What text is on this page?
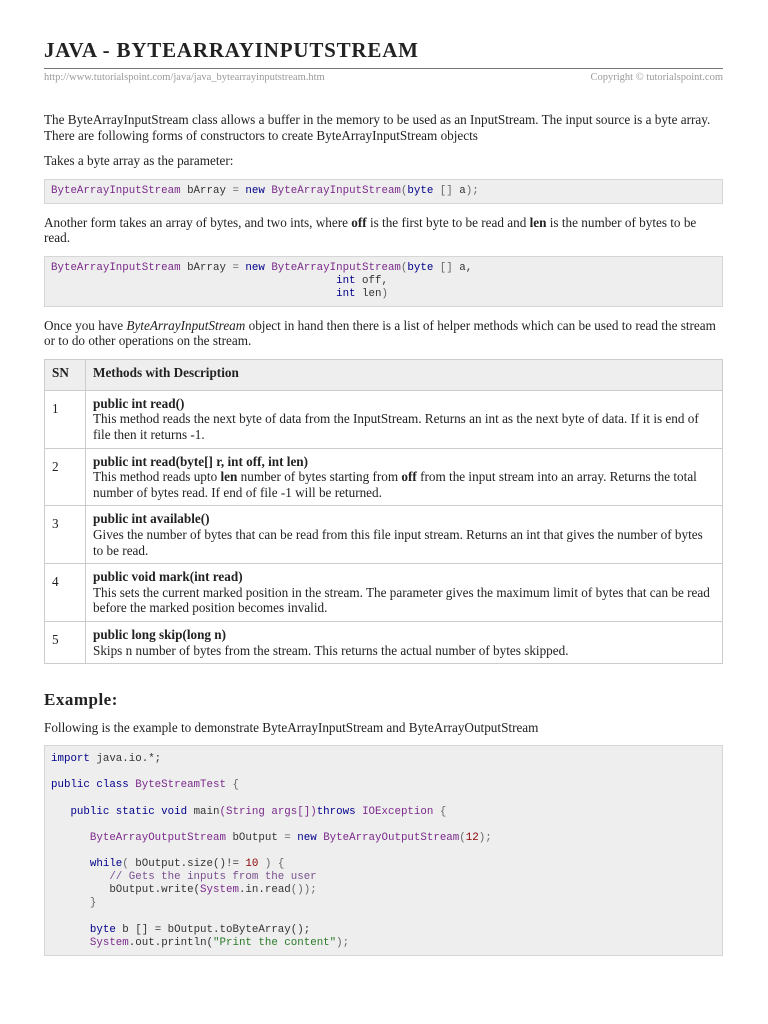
JAVA - BYTEARRAYINPUTSTREAM
http://www.tutorialspoint.com/java/java_bytearrayinputstream.htm	Copyright © tutorialspoint.com

The ByteArrayInputStream class allows a buffer in the memory to be used as an InputStream. The input source is a byte array. There are following forms of constructors to create ByteArrayInputStream objects

Takes a byte array as the parameter:

ByteArrayInputStream bArray = new ByteArrayInputStream(byte [] a);

Another form takes an array of bytes, and two ints, where off is the first byte to be read and len is the number of bytes to be read.

ByteArrayInputStream bArray = new ByteArrayInputStream(byte [] a,
int off,
int len)

Once you have ByteArrayInputStream object in hand then there is a list of helper methods which can be used to read the stream or to do other operations on the stream.

SN	Methods with Description
1	public int read()
This method reads the next byte of data from the InputStream. Returns an int as the next byte of data. If it is end of file then it returns -1.

2	public int read(byte[] r, int off, int len)
This method reads upto len number of bytes starting from off from the input stream into an array. Returns the total number of bytes read. If end of file -1 will be returned.

3	public int available()
Gives the number of bytes that can be read from this file input stream. Returns an int that gives the number of bytes to be read.

4	public void mark(int read)
This sets the current marked position in the stream. The parameter gives the maximum limit of bytes that can be read before the marked position becomes invalid.

5	public long skip(long n)
Skips n number of bytes from the stream. This returns the actual number of bytes skipped.
Example:

Following is the example to demonstrate ByteArrayInputStream and ByteArrayOutputStream

import java.io.*;

public class ByteStreamTest {

public static void main(String args[])throws IOException {

ByteArrayOutputStream bOutput = new ByteArrayOutputStream(12);

while( bOutput.size()!= 10 ) {
// Gets the inputs from the user
bOutput.write(System.in.read());
}

byte b [] = bOutput.toByteArray();
System.out.println("Print the content");
